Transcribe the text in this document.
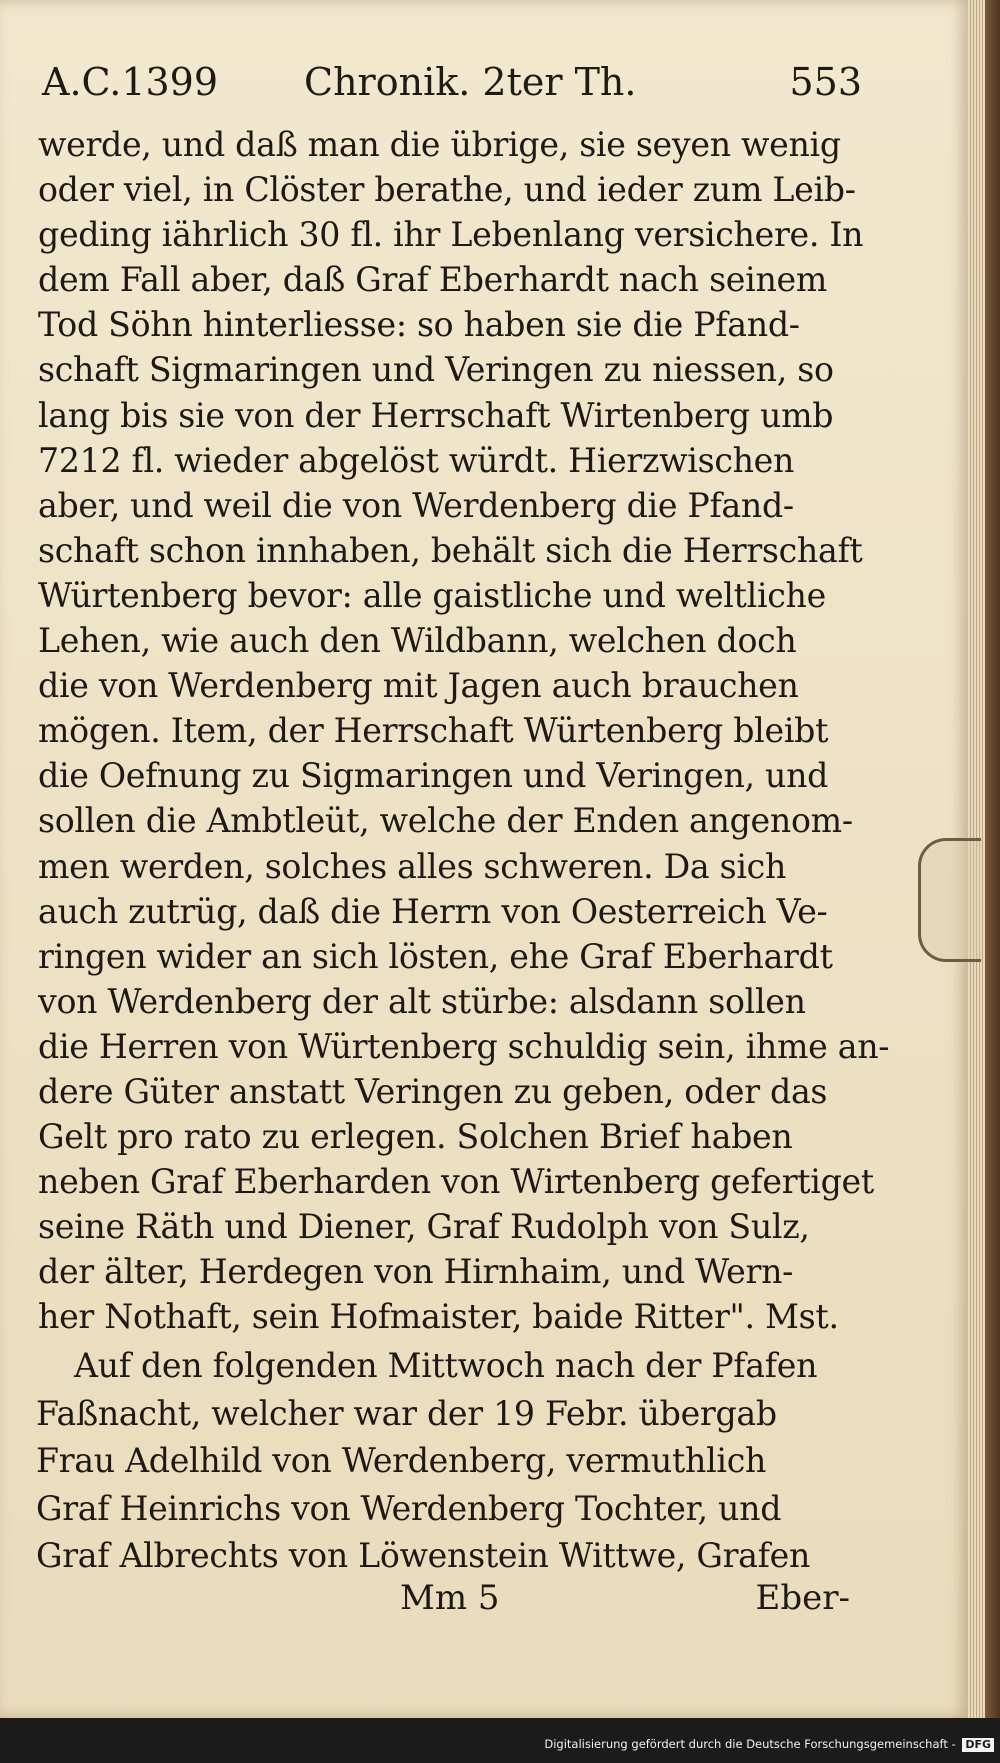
A.C.1399 Chronik. 2ter Th.	553
werde, und daß man die übrige, sie seyen wenig
oder viel, in Clöster berathe, und ieder zum Leib-
geding iährlich 30 fl. ihr Lebenlang versichere. In
dem Fall aber, daß Graf Eberhardt nach seinem
Tod Söhn hinterliesse: so haben sie die Pfand-
schaft Sigmaringen und Veringen zu niessen, so
lang bis sie von der Herrschaft Wirtenberg umb
7212 fl. wieder abgelöst würdt. Hierzwischen
aber, und weil die von Werdenberg die Pfand-
schaft schon innhaben, behält sich die Herrschaft
Würtenberg bevor: alle gaistliche und weltliche
Lehen, wie auch den Wildbann, welchen doch
die von Werdenberg mit Jagen auch brauchen
mögen. Item, der Herrschaft Würtenberg bleibt
die Oefnung zu Sigmaringen und Veringen, und
sollen die Ambtleüt, welche der Enden angenom-
men werden, solches alles schweren. Da sich
auch zutrüg, daß die Herrn von Oesterreich Ve-
ringen wider an sich lösten, ehe Graf Eberhardt
von Werdenberg der alt stürbe: alsdann sollen
die Herren von Würtenberg schuldig sein, ihme an-
dere Güter anstatt Veringen zu geben, oder das
Gelt pro rato zu erlegen. Solchen Brief haben
neben Graf Eberharden von Wirtenberg gefertiget
seine Räth und Diener, Graf Rudolph von Sulz,
der älter, Herdegen von Hirnhaim, und Wern-
her Nothaft, sein Hofmaister, baide Ritter". Mst.
Auf den folgenden Mittwoch nach der Pfafen
Faßnacht, welcher war der 19 Febr. übergab
Frau Adelhild von Werdenberg, vermuthlich
Graf Heinrichs von Werdenberg Tochter, und
Graf Albrechts von Löwenstein Wittwe, Grafen
Mm 5	Eber-
Digitalisierung gefördert durch die Deutsche Forschungsgemeinschaft - DFG
